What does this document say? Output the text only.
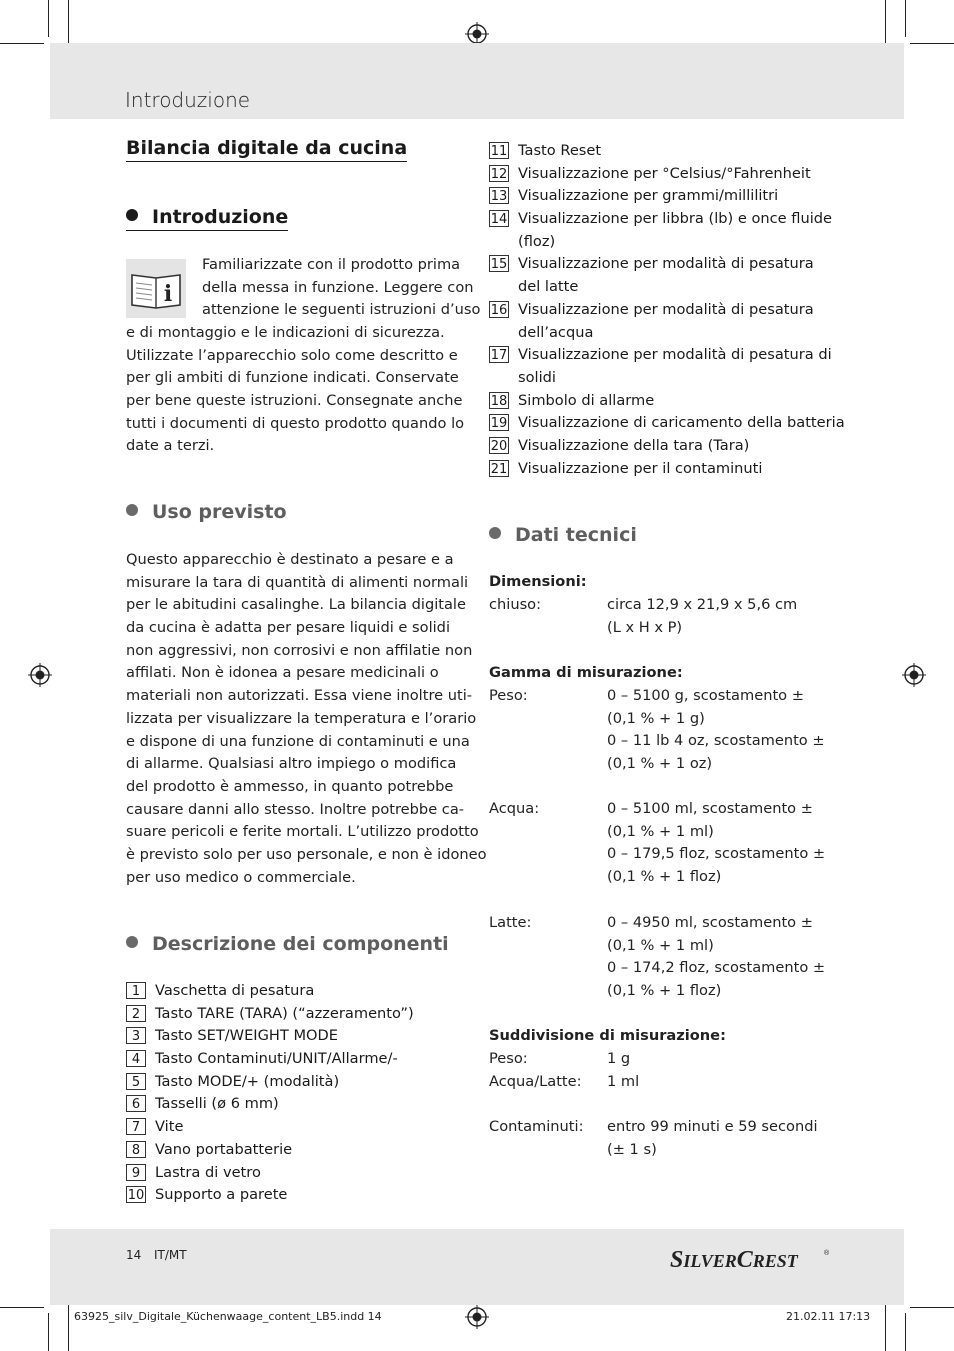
Introduzione
Bilancia digitale da cucina
Introduzione
i
Familiarizzate con il prodotto prima
della messa in funzione. Leggere con
attenzione le seguenti istruzioni d’uso
e di montaggio e le indicazioni di sicurezza.
Utilizzate l’apparecchio solo come descritto e
per gli ambiti di funzione indicati. Conservate
per bene queste istruzioni. Consegnate anche
tutti i documenti di questo prodotto quando lo
date a terzi.
Uso previsto
Questo apparecchio è destinato a pesare e a
misurare la tara di quantità di alimenti normali
per le abitudini casalinghe. La bilancia digitale
da cucina è adatta per pesare liquidi e solidi
non aggressivi, non corrosivi e non affilatie non
affilati. Non è idonea a pesare medicinali o
materiali non autorizzati. Essa viene inoltre uti-
lizzata per visualizzare la temperatura e l’orario
e dispone di una funzione di contaminuti e una
di allarme. Qualsiasi altro impiego o modifica
del prodotto è ammesso, in quanto potrebbe
causare danni allo stesso. Inoltre potrebbe ca-
suare pericoli e ferite mortali. L’utilizzo prodotto
è previsto solo per uso personale, e non è idoneo
per uso medico o commerciale.
Descrizione dei componenti
1	Vaschetta di pesatura
2	Tasto TARE (TARA) (“azzeramento”)
3	Tasto SET/WEIGHT MODE
4	Tasto Contaminuti/UNIT/Allarme/-
5	Tasto MODE/+ (modalità)
6	Tasselli (ø 6 mm)
7	Vite
8	Vano portabatterie
9	Lastra di vetro
10 Supporto a parete
11 Tasto Reset
12 Visualizzazione per °Celsius/°Fahrenheit
13 Visualizzazione per grammi/millilitri
14 Visualizzazione per libbra (lb) e once fluide
(floz)
15 Visualizzazione per modalità di pesatura
del latte
16 Visualizzazione per modalità di pesatura
dell’acqua
17 Visualizzazione per modalità di pesatura di
solidi
18 Simbolo di allarme
19 Visualizzazione di caricamento della batteria
20 Visualizzazione della tara (Tara)
21 Visualizzazione per il contaminuti
Dati tecnici
Dimensioni:
chiuso:	circa 12,9 x 21,9 x 5,6 cm
(L x H x P)
Gamma di misurazione:
Peso:	0 – 5100 g, scostamento ±
(0,1 % + 1 g)
0 – 11 lb 4 oz, scostamento ±
(0,1 % + 1 oz)
Acqua:	0 – 5100 ml, scostamento ±
(0,1 % + 1 ml)
0 – 179,5 floz, scostamento ±
(0,1 % + 1 floz)
Latte:	0 – 4950 ml, scostamento ±
(0,1 % + 1 ml)
0 – 174,2 floz, scostamento ±
(0,1 % + 1 floz)
Suddivisione di misurazione:
Peso:	1 g
Acqua/Latte: 1 ml
Contaminuti: entro 99 minuti e 59 secondi
(± 1 s)
14 IT/MT	SILVERCREST	®
63925_silv_Digitale_Küchenwaage_content_LB5.indd 14	21.02.11 17:13
